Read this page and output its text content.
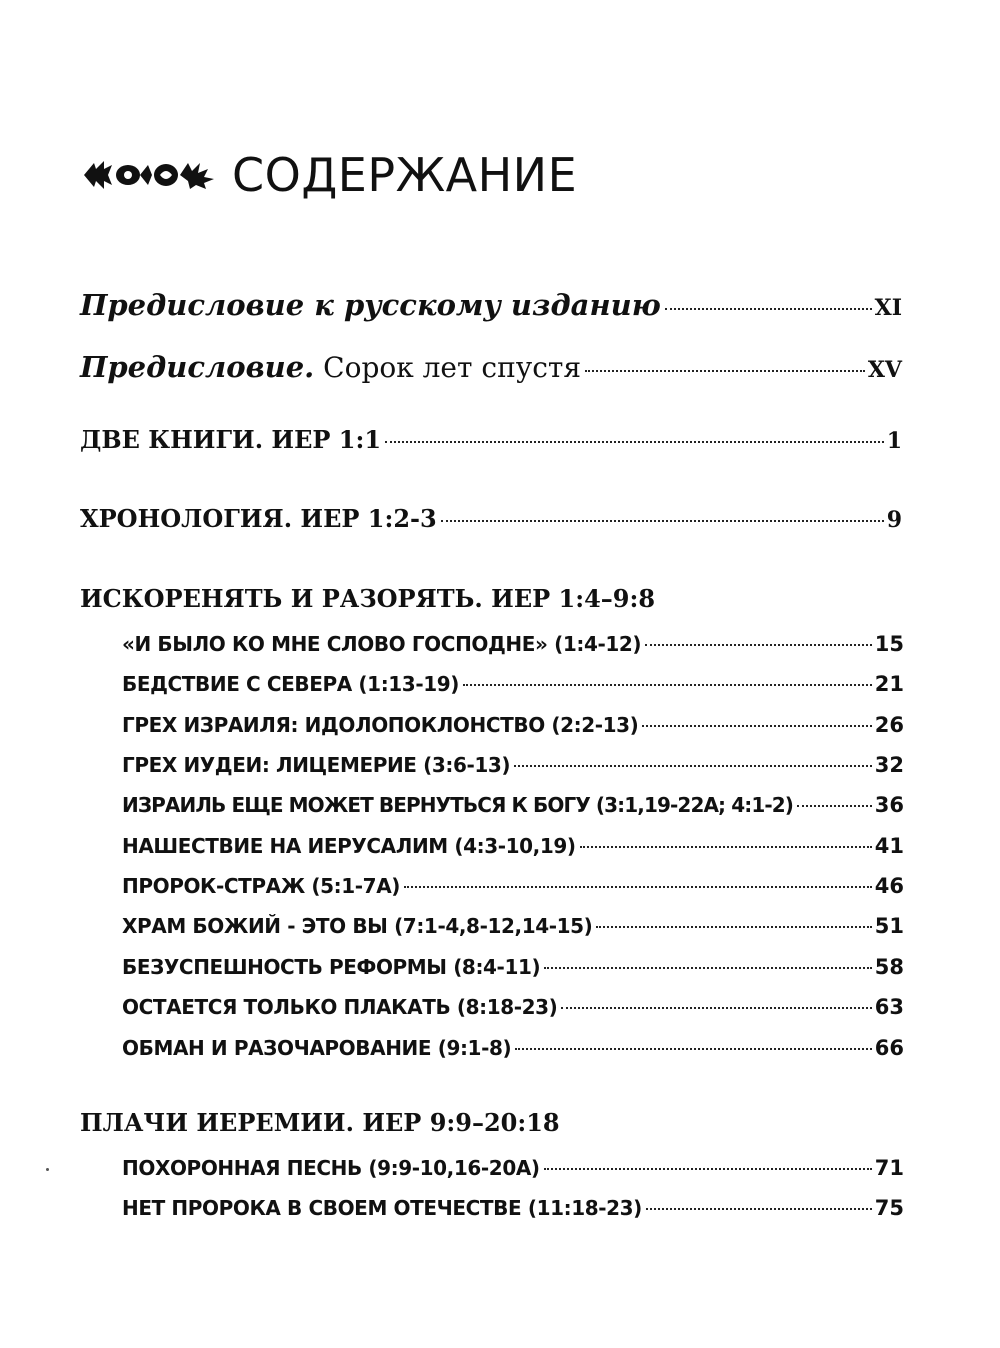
СОДЕРЖАНИЕ
Предисловие к русскому изданию	XI
Предисловие. Сорок лет спустя	XV
ДВЕ КНИГИ. ИЕР 1:1	1
ХРОНОЛОГИЯ. ИЕР 1:2-3	9
ИСКОРЕНЯТЬ И РАЗОРЯТЬ. ИЕР 1:4–9:8
«И БЫЛО КО МНЕ СЛОВО ГОСПОДНЕ» (1:4-12)	15
БЕДСТВИЕ С СЕВЕРА (1:13-19)	21
ГРЕХ ИЗРАИЛЯ: ИДОЛОПОКЛОНСТВО (2:2-13)	26
ГРЕХ ИУДЕИ: ЛИЦЕМЕРИЕ (3:6-13)	32
ИЗРАИЛЬ ЕЩЕ МОЖЕТ ВЕРНУТЬСЯ К БОГУ (3:1,19-22А; 4:1-2)	36
НАШЕСТВИЕ НА ИЕРУСАЛИМ (4:3-10,19)	41
ПРОРОК-СТРАЖ (5:1-7А)	46
ХРАМ БОЖИЙ - ЭТО ВЫ (7:1-4,8-12,14-15)	51
БЕЗУСПЕШНОСТЬ РЕФОРМЫ (8:4-11)	58
ОСТАЕТСЯ ТОЛЬКО ПЛАКАТЬ (8:18-23)	63
ОБМАН И РАЗОЧАРОВАНИЕ (9:1-8)	66
ПЛАЧИ ИЕРЕМИИ. ИЕР 9:9–20:18
ПОХОРОННАЯ ПЕСНЬ (9:9-10,16-20А)	71
НЕТ ПРОРОКА В СВОЕМ ОТЕЧЕСТВЕ (11:18-23)	75
